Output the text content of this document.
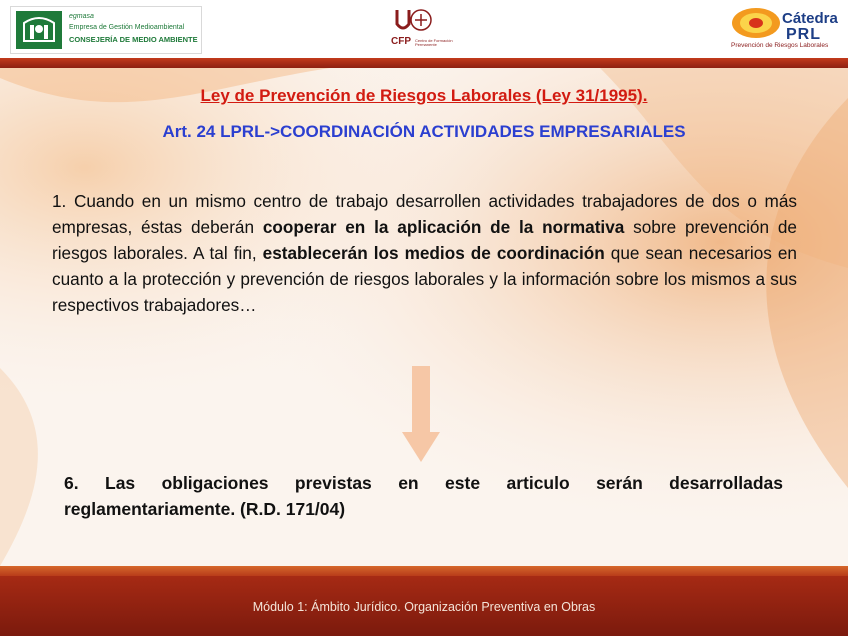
egmasa
Empresa de Gestión Medioambiental
CONSEJERÍA DE MEDIO AMBIENTE	CFP Centro de Formación Permanente
Cátedra
PRL
Prevención de Riesgos Laborales
Ley de Prevención de Riesgos Laborales (Ley 31/1995).
Art. 24 LPRL->COORDINACIÓN ACTIVIDADES EMPRESARIALES
1. Cuando en un mismo centro de trabajo desarrollen actividades trabajadores de dos o más empresas, éstas deberán cooperar en la aplicación de la normativa sobre prevención de riesgos laborales. A tal fin, establecerán los medios de coordinación que sean necesarios en cuanto a la protección y prevención de riesgos laborales y la información sobre los mismos a sus respectivos trabajadores…
6. Las obligaciones previstas en este articulo serán desarrolladas reglamentariamente. (R.D. 171/04)
Módulo 1: Ámbito Jurídico. Organización Preventiva en Obras
